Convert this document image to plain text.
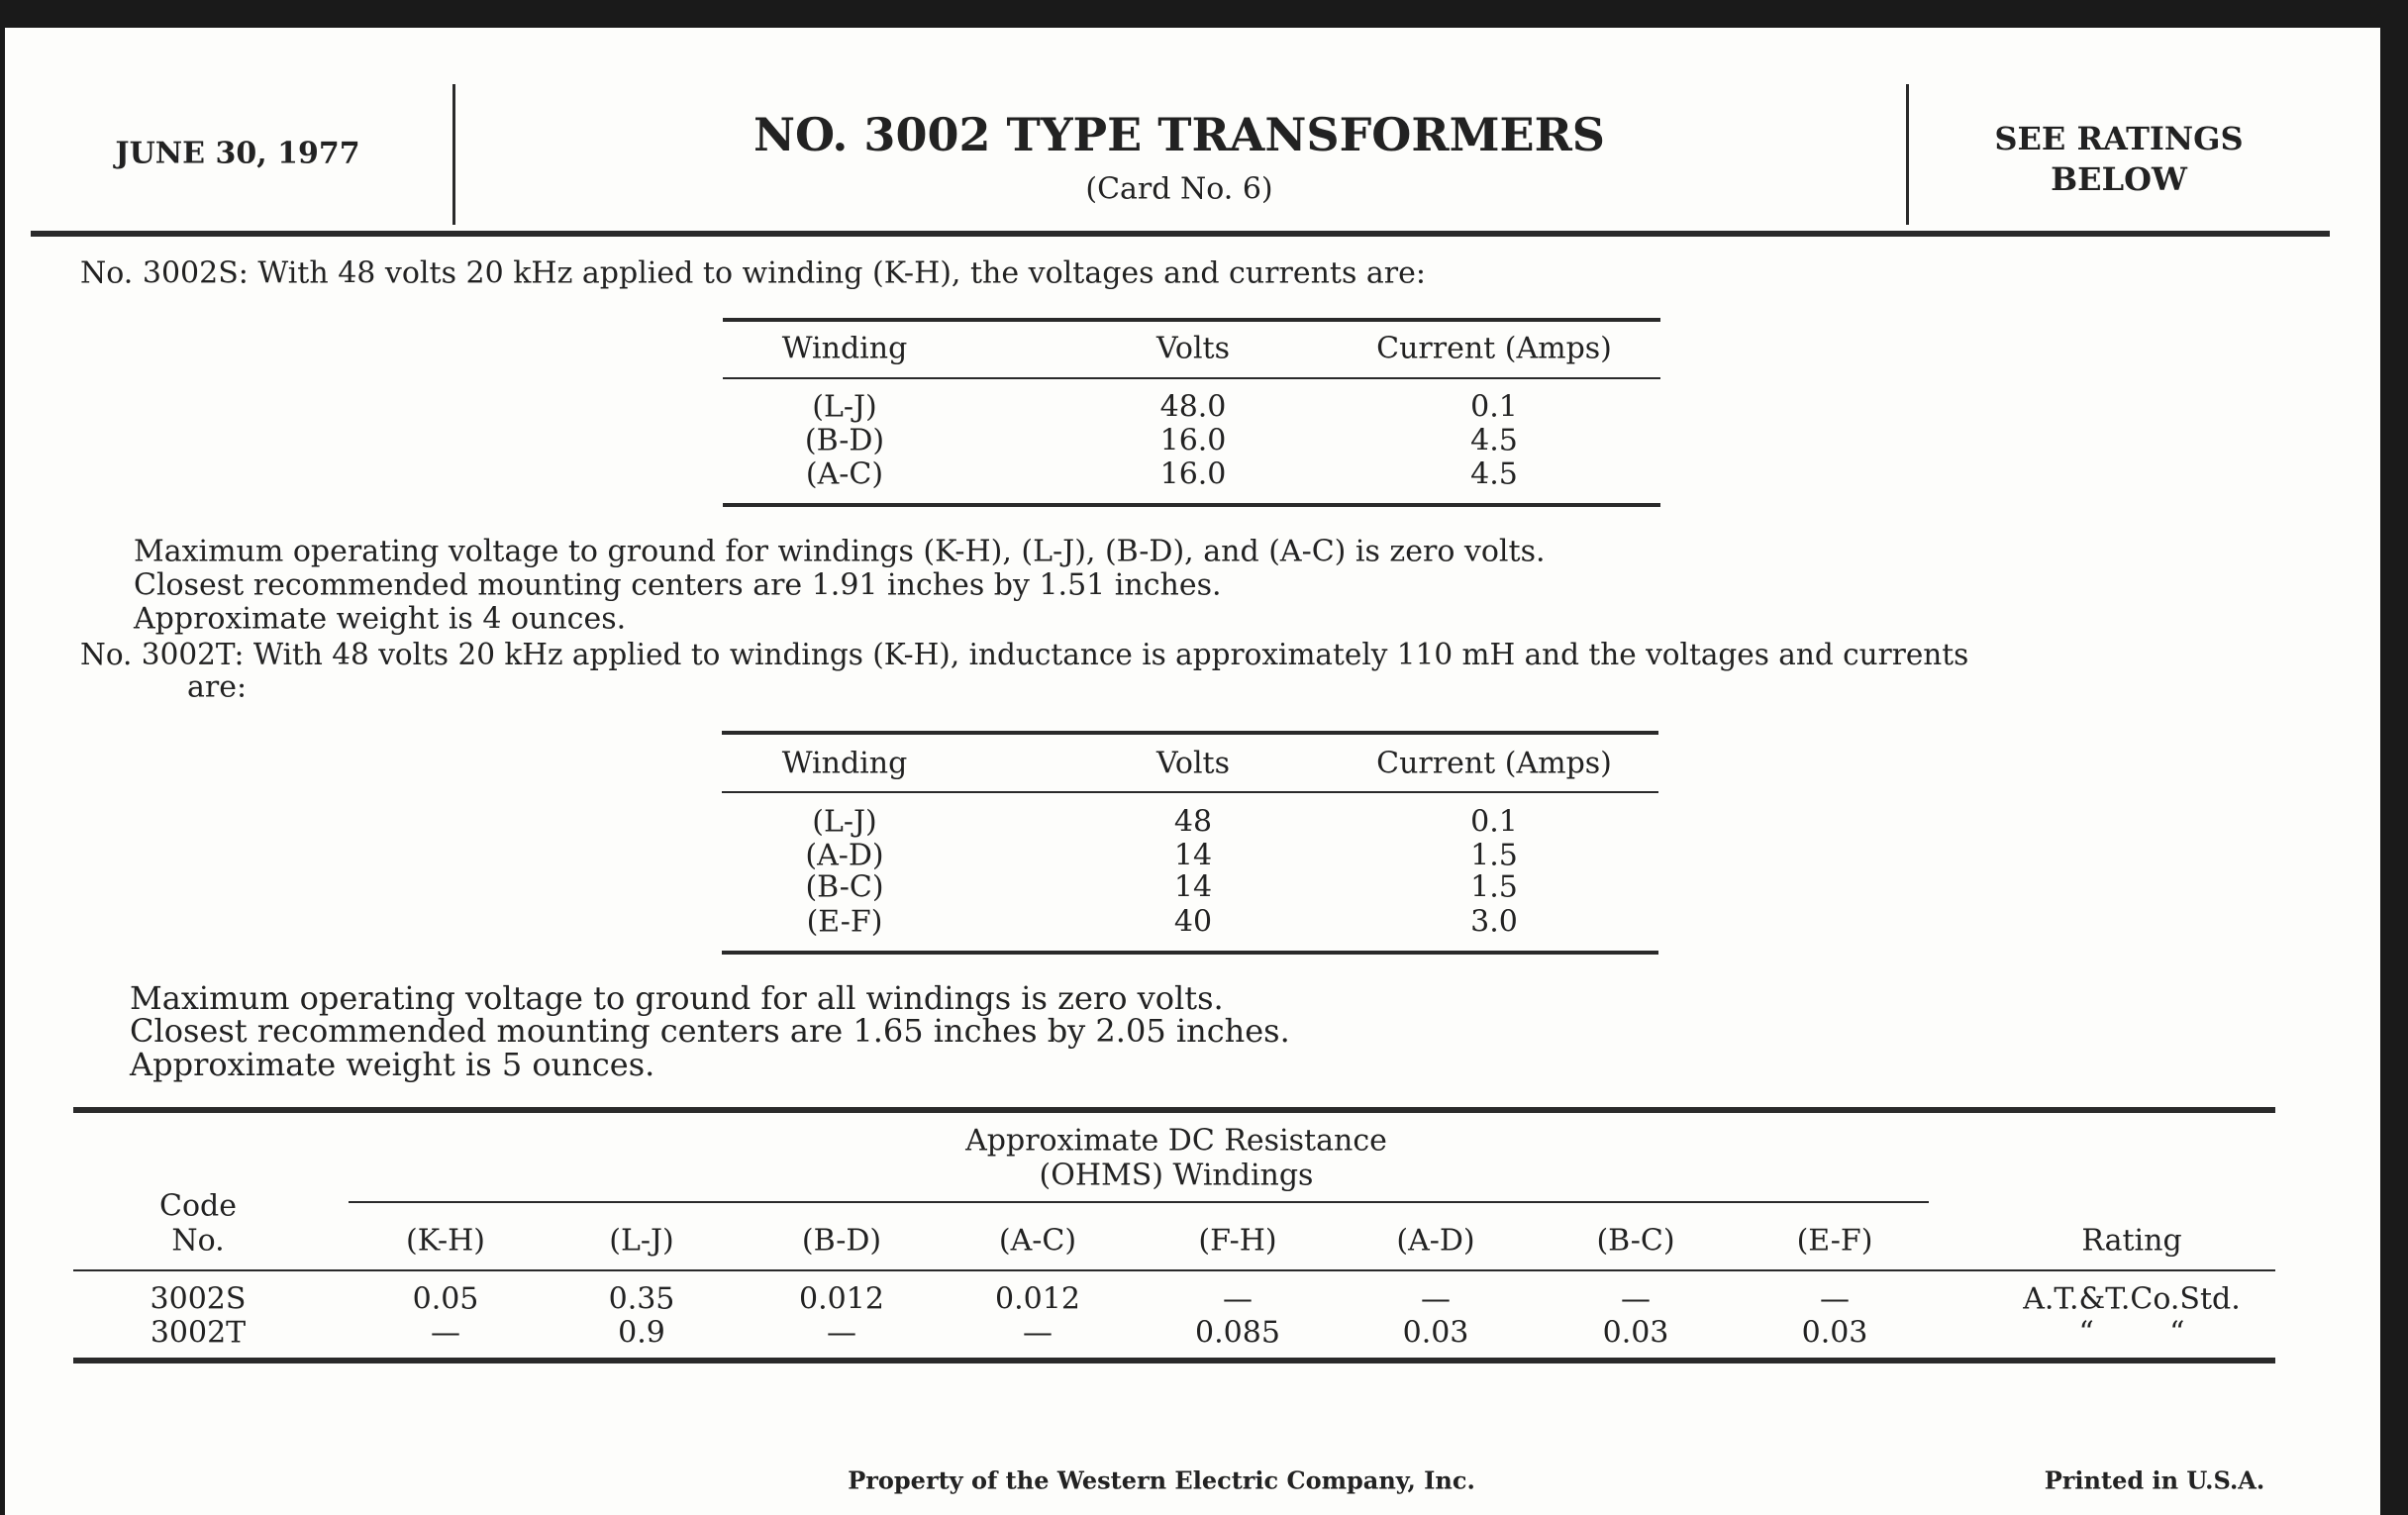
JUNE 30, 1977	NO. 3002 TYPE TRANSFORMERS
(Card No. 6)
SEE RATINGS
BELOW
No. 3002S: With 48 volts 20 kHz applied to winding (K-H), the voltages and currents are:
Winding	Volts	Current (Amps)
(L-J)	48.0	0.1
(B-D)	16.0	4.5
(A-C)	16.0	4.5
Maximum operating voltage to ground for windings (K-H), (L-J), (B-D), and (A-C) is zero volts.
Closest recommended mounting centers are 1.91 inches by 1.51 inches.
Approximate weight is 4 ounces.
No. 3002T: With 48 volts 20 kHz applied to windings (K-H), inductance is approximately 110 mH and the voltages and currents
are:
Winding	Volts	Current (Amps)
(L-J)	48	0.1
(A-D)	14	1.5
(B-C)	14	1.5
(E-F)	40	3.0
Maximum operating voltage to ground for all windings is zero volts.
Closest recommended mounting centers are 1.65 inches by 2.05 inches.
Approximate weight is 5 ounces.
Approximate DC Resistance
(OHMS) Windings
Code
No.	Rating
(K-H)	(L-J)	(B-D)	(A-C)	(F-H)	(A-D)	(B-C)	(E-F)
3002S	0.05	0.35	0.012	0.012	—	—	—	—	A.T.&T.Co.Std.
3002T	—	0.9	—	—	0.085	0.03	0.03	0.03	“        “
Property of the Western Electric Company, Inc.	Printed in U.S.A.
